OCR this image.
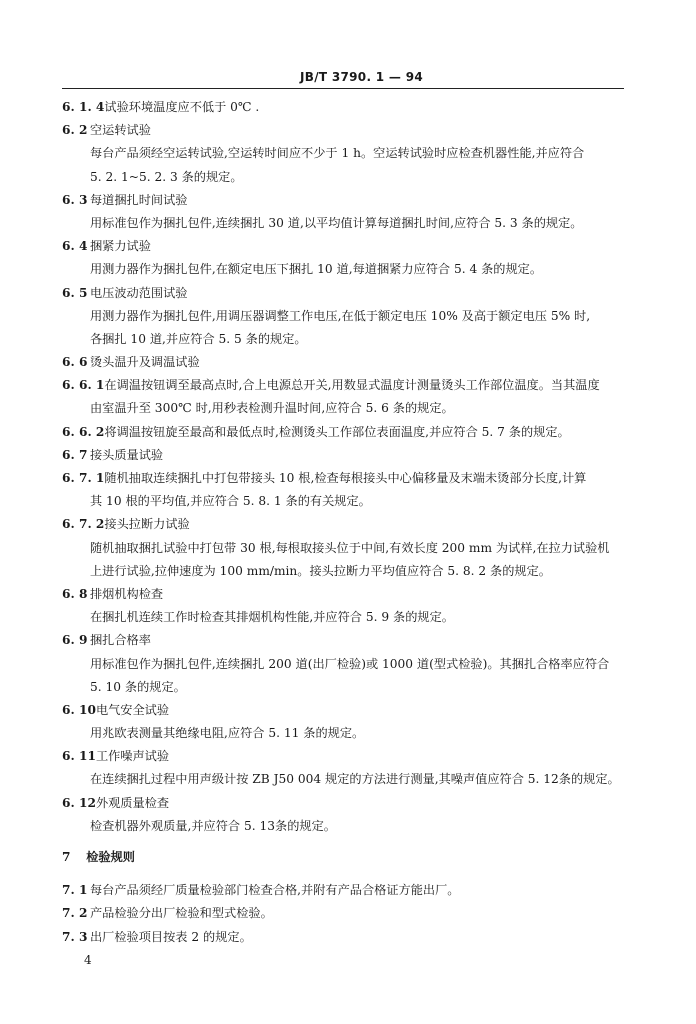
JB/T 3790. 1 — 94
6. 1. 4试验环境温度应不低于 0℃ .
6. 2 空运转试验
每台产品须经空运转试验,空运转时间应不少于 1 h。空运转试验时应检查机器性能,并应符合
5. 2. 1~5. 2. 3 条的规定。
6. 3 每道捆扎时间试验
用标准包作为捆扎包件,连续捆扎 30 道,以平均值计算每道捆扎时间,应符合 5. 3 条的规定。
6. 4 捆紧力试验
用测力器作为捆扎包件,在额定电压下捆扎 10 道,每道捆紧力应符合 5. 4 条的规定。
6. 5 电压波动范围试验
用测力器作为捆扎包件,用调压器调整工作电压,在低于额定电压 10% 及高于额定电压 5% 时,
各捆扎 10 道,并应符合 5. 5 条的规定。
6. 6 烫头温升及调温试验
6. 6. 1在调温按钮调至最高点时,合上电源总开关,用数显式温度计测量烫头工作部位温度。当其温度
由室温升至 300℃ 时,用秒表检测升温时间,应符合 5. 6 条的规定。
6. 6. 2将调温按钮旋至最高和最低点时,检测烫头工作部位表面温度,并应符合 5. 7 条的规定。
6. 7 接头质量试验
6. 7. 1随机抽取连续捆扎中打包带接头 10 根,检查每根接头中心偏移量及末端未烫部分长度,计算
其 10 根的平均值,并应符合 5. 8. 1 条的有关规定。
6. 7. 2接头拉断力试验
随机抽取捆扎试验中打包带 30 根,每根取接头位于中间,有效长度 200 mm 为试样,在拉力试验机
上进行试验,拉伸速度为 100 mm/min。接头拉断力平均值应符合 5. 8. 2 条的规定。
6. 8 排烟机构检查
在捆扎机连续工作时检查其排烟机构性能,并应符合 5. 9 条的规定。
6. 9 捆扎合格率
用标准包作为捆扎包件,连续捆扎 200 道(出厂检验)或 1000 道(型式检验)。其捆扎合格率应符合
5. 10 条的规定。
6. 10电气安全试验
用兆欧表测量其绝缘电阻,应符合 5. 11 条的规定。
6. 11工作噪声试验
在连续捆扎过程中用声级计按 ZB J50 004 规定的方法进行测量,其噪声值应符合 5. 12条的规定。
6. 12外观质量检查
检查机器外观质量,并应符合 5. 13条的规定。
7 检验规则
7. 1 每台产品须经厂质量检验部门检查合格,并附有产品合格证方能出厂。
7. 2 产品检验分出厂检验和型式检验。
7. 3 出厂检验项目按表 2 的规定。
4
